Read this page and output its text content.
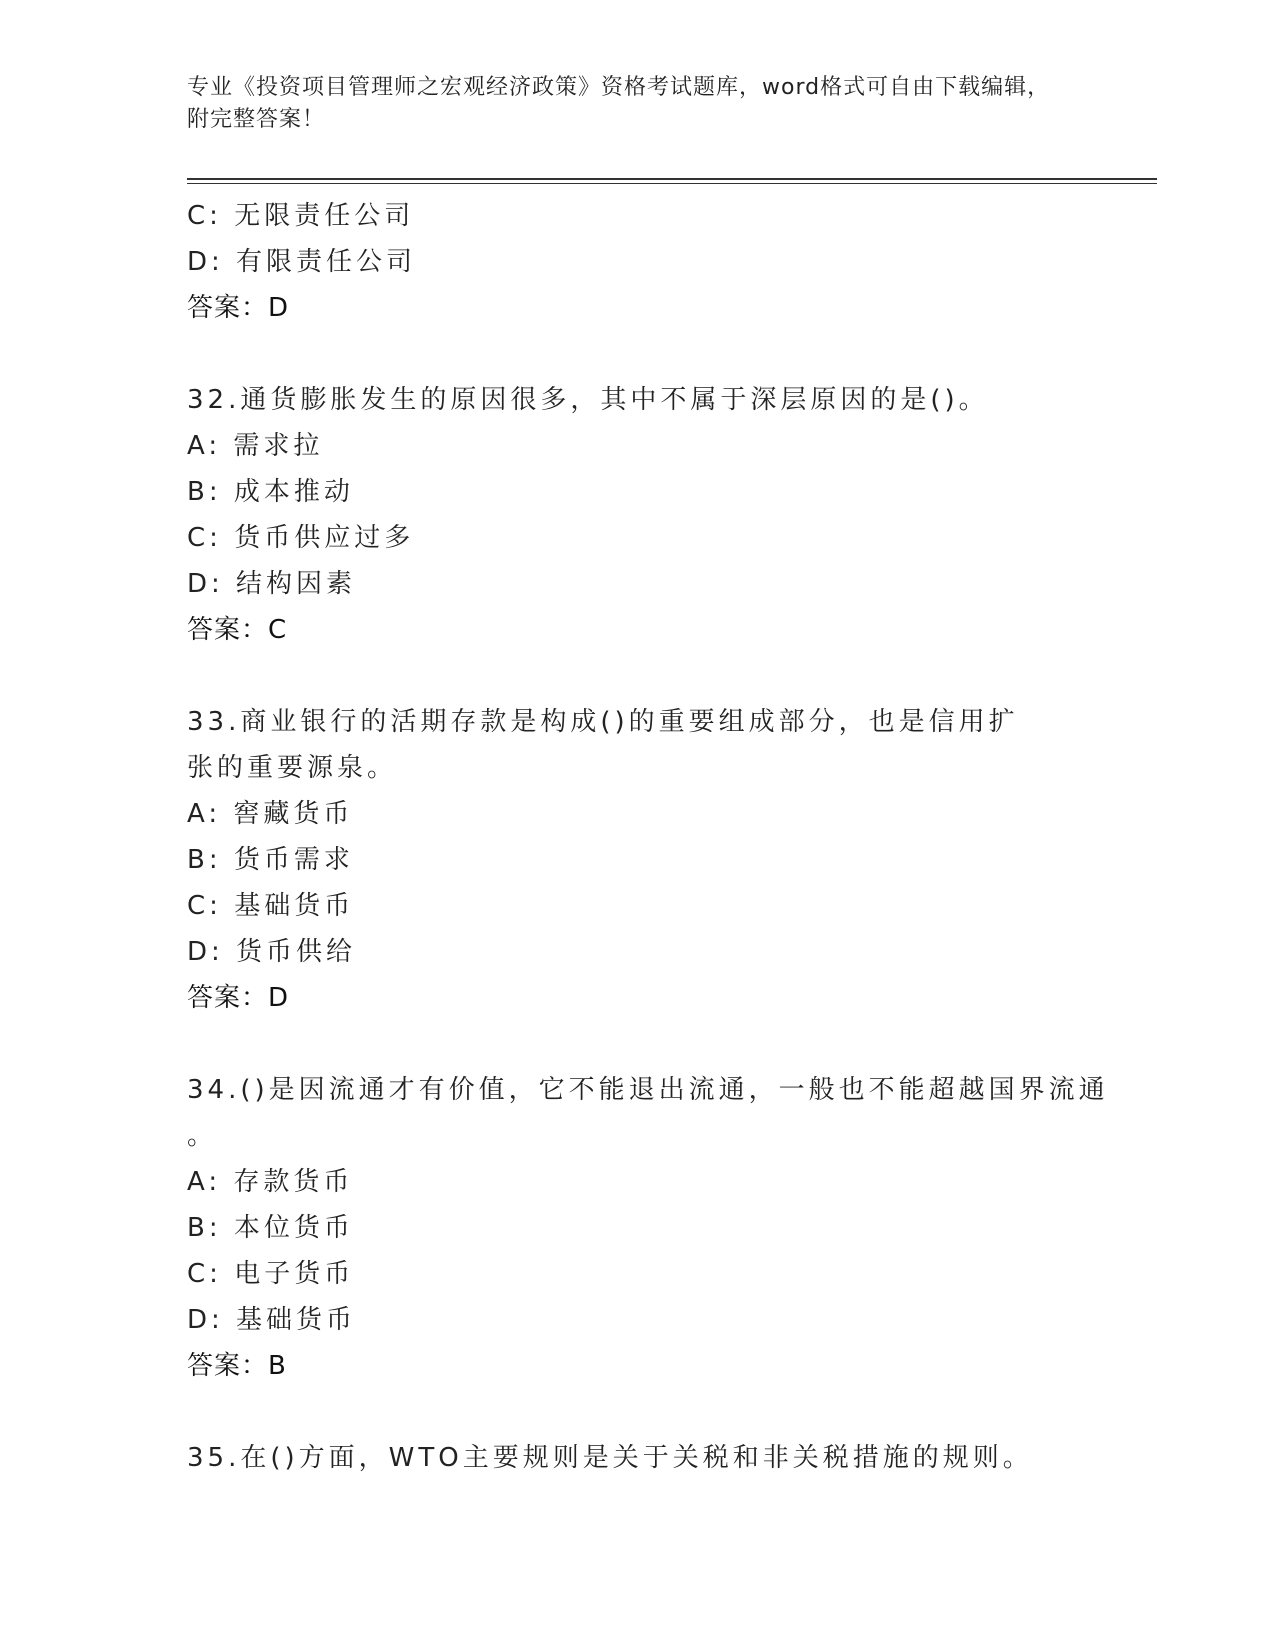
专业《投资项目管理师之宏观经济政策》资格考试题库，word格式可自由下载编辑，附完整答案！
C: 无限责任公司
D: 有限责任公司
答案：D
32.通货膨胀发生的原因很多，其中不属于深层原因的是()。
A: 需求拉
B: 成本推动
C: 货币供应过多
D: 结构因素
答案：C
33.商业银行的活期存款是构成()的重要组成部分，也是信用扩张的重要源泉。
A: 窖藏货币
B: 货币需求
C: 基础货币
D: 货币供给
答案：D
34.()是因流通才有价值，它不能退出流通，一般也不能超越国界流通
。
A: 存款货币
B: 本位货币
C: 电子货币
D: 基础货币
答案：B
35.在()方面，WTO主要规则是关于关税和非关税措施的规则。
